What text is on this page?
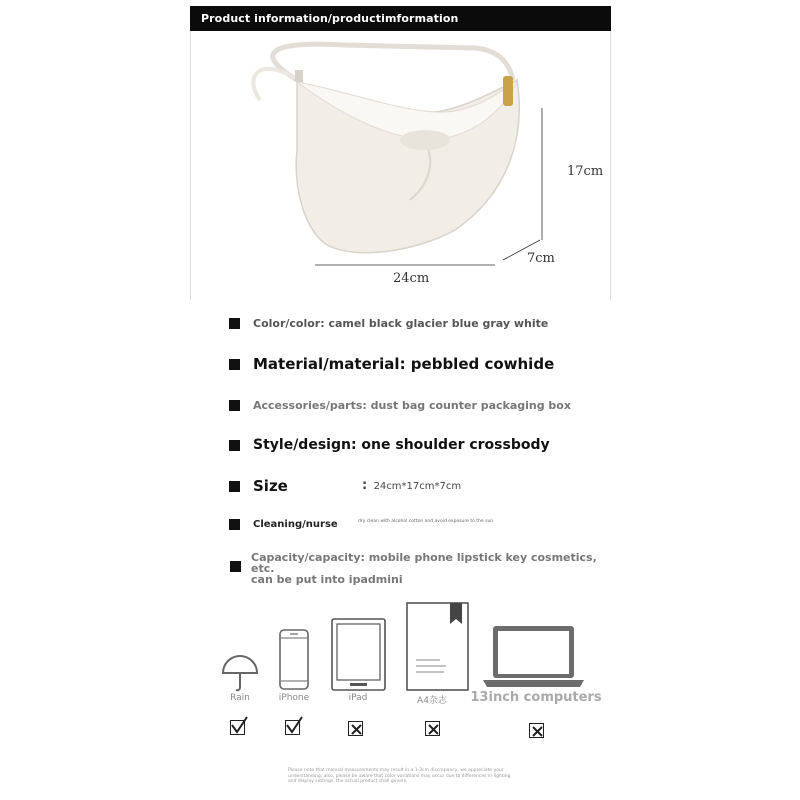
Product information/productimformation
17cm
7cm
24cm
Color/color: camel black glacier blue gray white
Material/material: pebbled cowhide
Accessories/parts: dust bag counter packaging box
Style/design: one shoulder crossbody
Size	: 24cm*17cm*7cm
Cleaning/nurse	dry clean with alcohol cotton and avoid exposure to the sun
Capacity/capacity: mobile phone lipstick key cosmetics, etc.
can be put into ipadmini
Rain	iPhone	iPad	A4杂志	13inch computers
Please note that manual measurements may result in a 1-3cm discrepancy, we appreciate your understanding; also, please be aware that color variations may occur due to differences in lighting and display settings. the actual product shall govern
